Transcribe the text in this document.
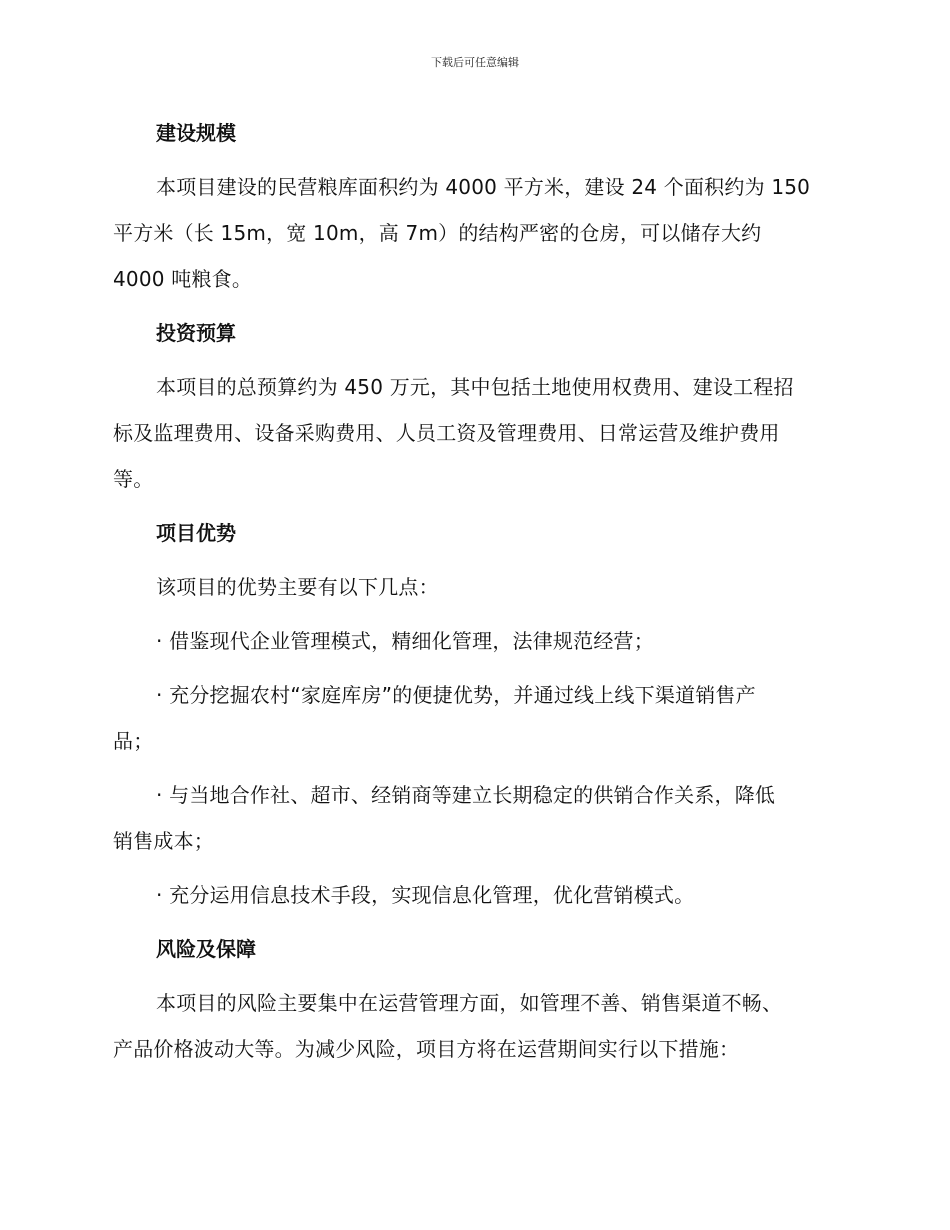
下载后可任意编辑
建设规模

本项目建设的民营粮库面积约为 4000 平方米，建设 24 个面积约为 150
平方米（长 15m，宽 10m，高 7m）的结构严密的仓房，可以储存大约
4000 吨粮食。

投资预算

本项目的总预算约为 450 万元，其中包括土地使用权费用、建设工程招
标及监理费用、设备采购费用、人员工资及管理费用、日常运营及维护费用
等。

项目优势

该项目的优势主要有以下几点：

· 借鉴现代企业管理模式，精细化管理，法律规范经营；

· 充分挖掘农村“家庭库房”的便捷优势，并通过线上线下渠道销售产
品；

· 与当地合作社、超市、经销商等建立长期稳定的供销合作关系，降低
销售成本；

· 充分运用信息技术手段，实现信息化管理，优化营销模式。

风险及保障

本项目的风险主要集中在运营管理方面，如管理不善、销售渠道不畅、
产品价格波动大等。为减少风险，项目方将在运营期间实行以下措施：
